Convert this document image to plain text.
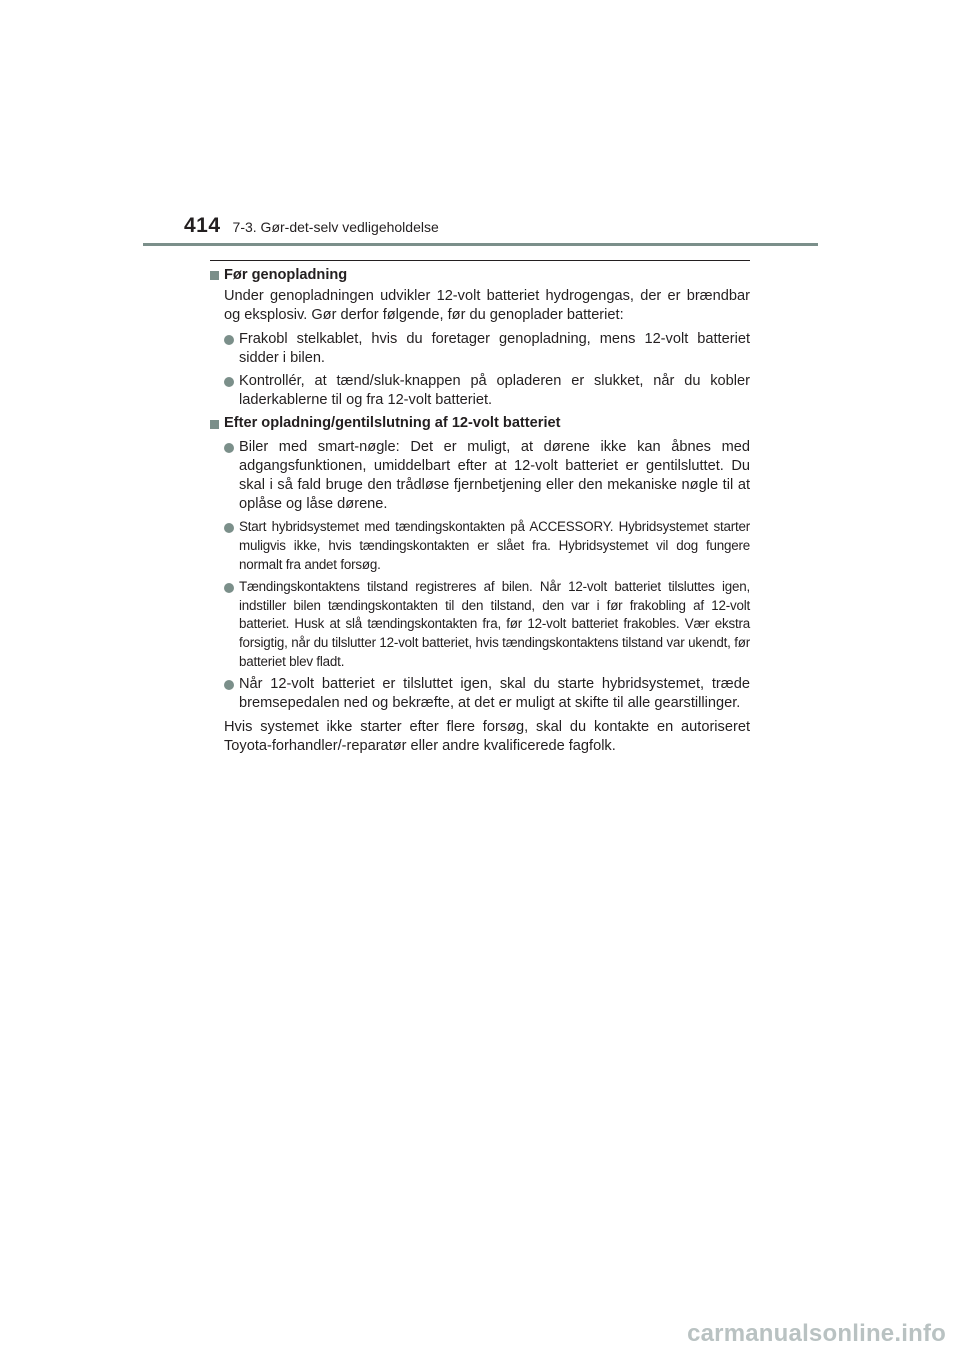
414 7-3. Gør-det-selv vedligeholdelse
Før genopladning
Under genopladningen udvikler 12-volt batteriet hydrogengas, der er brændbar og eksplosiv. Gør derfor følgende, før du genoplader batteriet:
Frakobl stelkablet, hvis du foretager genopladning, mens 12-volt batteriet sidder i bilen.
Kontrollér, at tænd/sluk-knappen på opladeren er slukket, når du kobler laderkablerne til og fra 12-volt batteriet.
Efter opladning/gentilslutning af 12-volt batteriet
Biler med smart-nøgle: Det er muligt, at dørene ikke kan åbnes med adgangsfunktionen, umiddelbart efter at 12-volt batteriet er gentilsluttet. Du skal i så fald bruge den trådløse fjernbetjening eller den mekaniske nøgle til at oplåse og låse dørene.
Start hybridsystemet med tændingskontakten på ACCESSORY. Hybridsystemet starter muligvis ikke, hvis tændingskontakten er slået fra. Hybridsystemet vil dog fungere normalt fra andet forsøg.
Tændingskontaktens tilstand registreres af bilen. Når 12-volt batteriet tilsluttes igen, indstiller bilen tændingskontakten til den tilstand, den var i før frakobling af 12-volt batteriet. Husk at slå tændingskontakten fra, før 12-volt batteriet frakobles. Vær ekstra forsigtig, når du tilslutter 12-volt batteriet, hvis tændingskontaktens tilstand var ukendt, før batteriet blev fladt.
Når 12-volt batteriet er tilsluttet igen, skal du starte hybridsystemet, træde bremsepedalen ned og bekræfte, at det er muligt at skifte til alle gearstillinger.
Hvis systemet ikke starter efter flere forsøg, skal du kontakte en autoriseret Toyota-forhandler/-reparatør eller andre kvalificerede fagfolk.
carmanualsonline.info
